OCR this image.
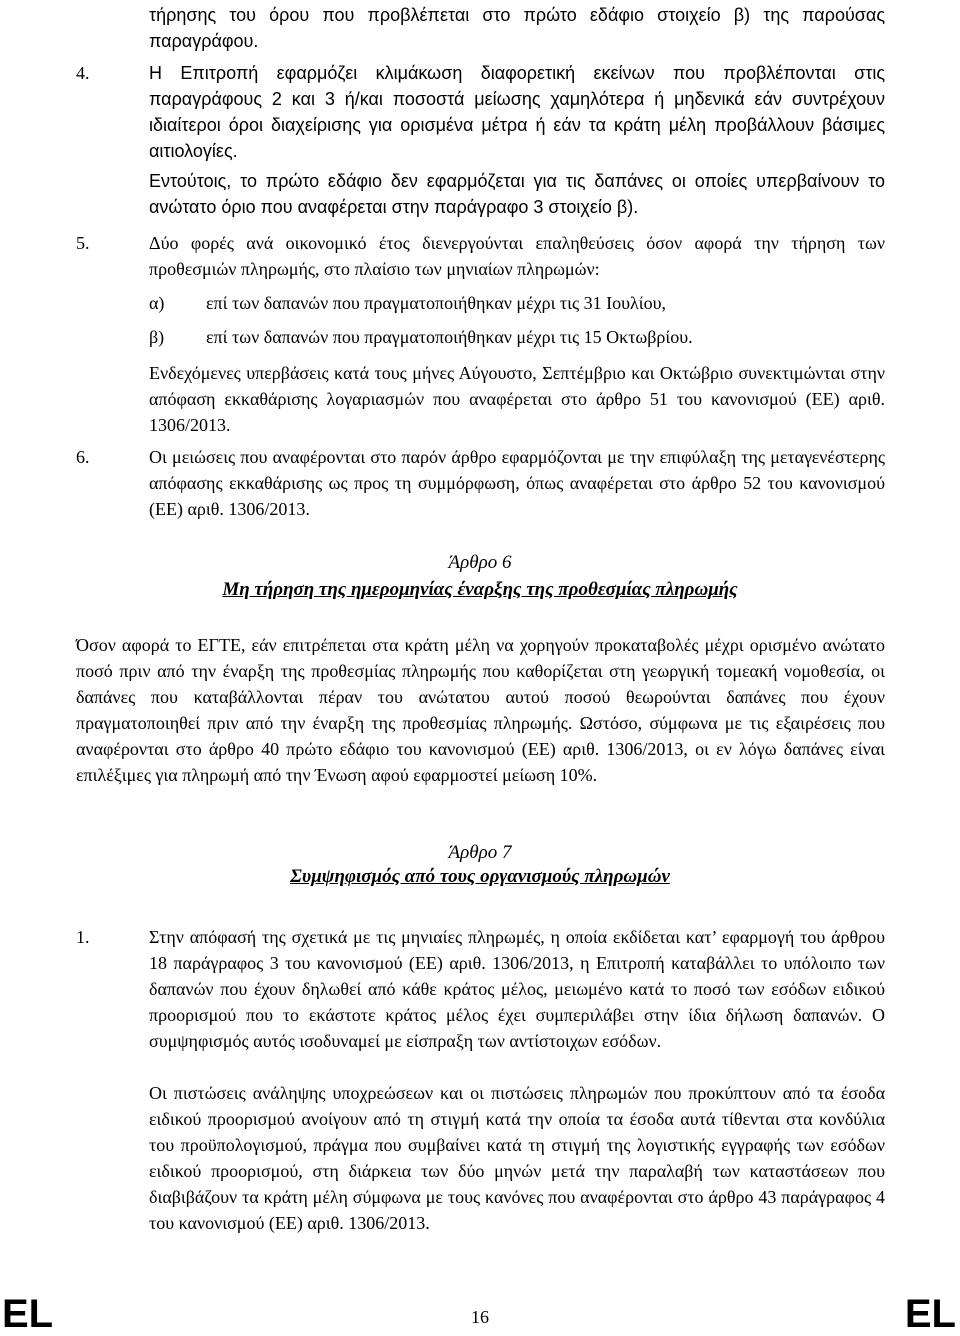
τήρησης του όρου που προβλέπεται στο πρώτο εδάφιο στοιχείο β) της παρούσας παραγράφου.
4.	Η Επιτροπή εφαρμόζει κλιμάκωση διαφορετική εκείνων που προβλέπονται στις παραγράφους 2 και 3 ή/και ποσοστά μείωσης χαμηλότερα ή μηδενικά εάν συντρέχουν ιδιαίτεροι όροι διαχείρισης για ορισμένα μέτρα ή εάν τα κράτη μέλη προβάλλουν βάσιμες αιτιολογίες.
Εντούτοις, το πρώτο εδάφιο δεν εφαρμόζεται για τις δαπάνες οι οποίες υπερβαίνουν το ανώτατο όριο που αναφέρεται στην παράγραφο 3 στοιχείο β).
5.	Δύο φορές ανά οικονομικό έτος διενεργούνται επαληθεύσεις όσον αφορά την τήρηση των προθεσμιών πληρωμής, στο πλαίσιο των μηνιαίων πληρωμών:
α) επί των δαπανών που πραγματοποιήθηκαν μέχρι τις 31 Ιουλίου,
β) επί των δαπανών που πραγματοποιήθηκαν μέχρι τις 15 Οκτωβρίου.
Ενδεχόμενες υπερβάσεις κατά τους μήνες Αύγουστο, Σεπτέμβριο και Οκτώβριο συνεκτιμώνται στην απόφαση εκκαθάρισης λογαριασμών που αναφέρεται στο άρθρο 51 του κανονισμού (ΕΕ) αριθ. 1306/2013.
6.	Οι μειώσεις που αναφέρονται στο παρόν άρθρο εφαρμόζονται με την επιφύλαξη της μεταγενέστερης απόφασης εκκαθάρισης ως προς τη συμμόρφωση, όπως αναφέρεται στο άρθρο 52 του κανονισμού (ΕΕ) αριθ. 1306/2013.
Άρθρο 6
Μη τήρηση της ημερομηνίας έναρξης της προθεσμίας πληρωμής
Όσον αφορά το ΕΓΤΕ, εάν επιτρέπεται στα κράτη μέλη να χορηγούν προκαταβολές μέχρι ορισμένο ανώτατο ποσό πριν από την έναρξη της προθεσμίας πληρωμής που καθορίζεται στη γεωργική τομεακή νομοθεσία, οι δαπάνες που καταβάλλονται πέραν του ανώτατου αυτού ποσού θεωρούνται δαπάνες που έχουν πραγματοποιηθεί πριν από την έναρξη της προθεσμίας πληρωμής. Ωστόσο, σύμφωνα με τις εξαιρέσεις που αναφέρονται στο άρθρο 40 πρώτο εδάφιο του κανονισμού (ΕΕ) αριθ. 1306/2013, οι εν λόγω δαπάνες είναι επιλέξιμες για πληρωμή από την Ένωση αφού εφαρμοστεί μείωση 10%.
Άρθρο 7
Συμψηφισμός από τους οργανισμούς πληρωμών
1.	Στην απόφασή της σχετικά με τις μηνιαίες πληρωμές, η οποία εκδίδεται κατ’ εφαρμογή του άρθρου 18 παράγραφος 3 του κανονισμού (ΕΕ) αριθ. 1306/2013, η Επιτροπή καταβάλλει το υπόλοιπο των δαπανών που έχουν δηλωθεί από κάθε κράτος μέλος, μειωμένο κατά το ποσό των εσόδων ειδικού προορισμού που το εκάστοτε κράτος μέλος έχει συμπεριλάβει στην ίδια δήλωση δαπανών. Ο συμψηφισμός αυτός ισοδυναμεί με είσπραξη των αντίστοιχων εσόδων.
Οι πιστώσεις ανάληψης υποχρεώσεων και οι πιστώσεις πληρωμών που προκύπτουν από τα έσοδα ειδικού προορισμού ανοίγουν από τη στιγμή κατά την οποία τα έσοδα αυτά τίθενται στα κονδύλια του προϋπολογισμού, πράγμα που συμβαίνει κατά τη στιγμή της λογιστικής εγγραφής των εσόδων ειδικού προορισμού, στη διάρκεια των δύο μηνών μετά την παραλαβή των καταστάσεων που διαβιβάζουν τα κράτη μέλη σύμφωνα με τους κανόνες που αναφέρονται στο άρθρο 43 παράγραφος 4 του κανονισμού (ΕΕ) αριθ. 1306/2013.
EL	16	EL
